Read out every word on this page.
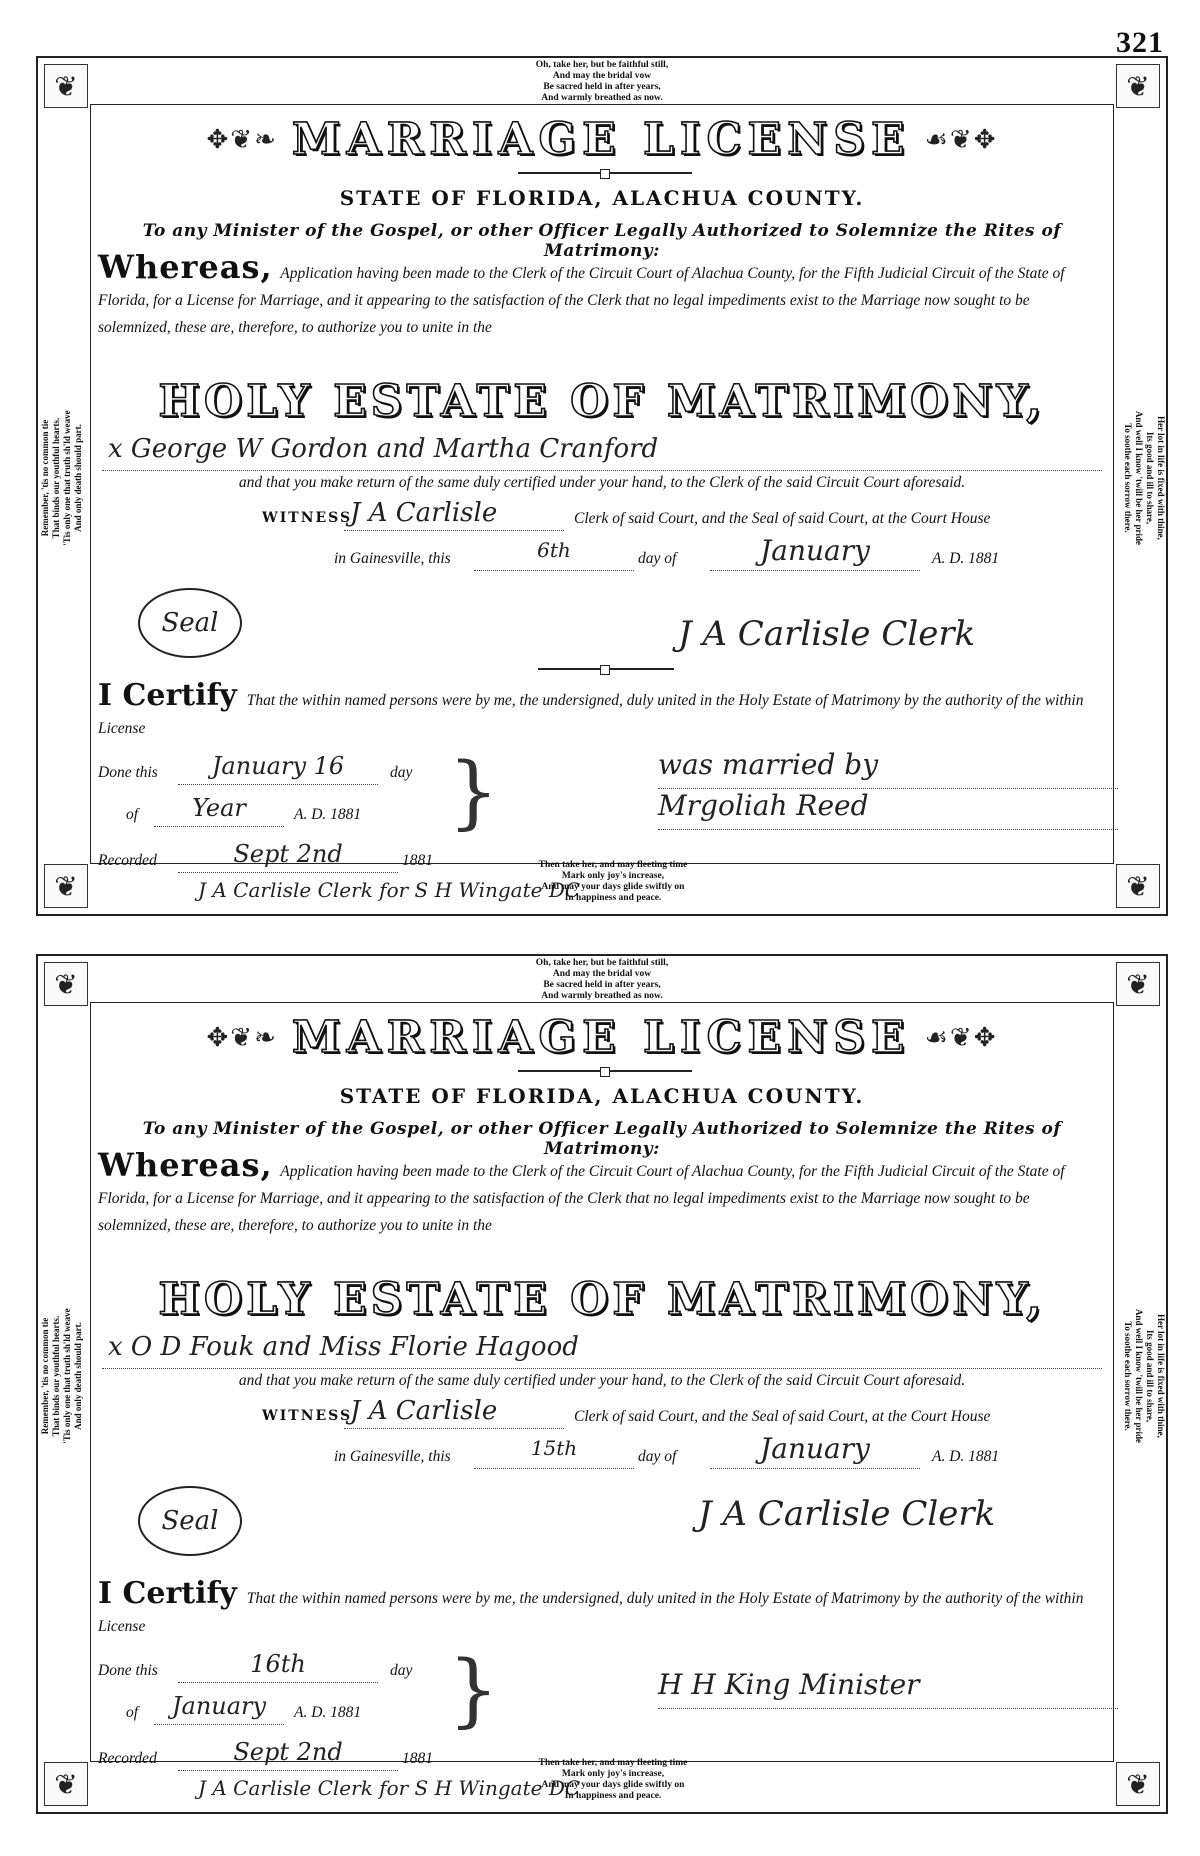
321
❦	❦
❦	❦
Oh, take her, but be faithful still,
And may the bridal vow
Be sacred held in after years,
And warmly breathed as now.
Remember, 'tis no common tie That binds our youthful hearts. 'Tis only one that truth sh'ld weave And only death should part.	Her lot in life is fixed with thine,
Its good and ill to share,
And well I know 'twill be her pride
To soothe each sorrow there.
✥❦❧ MARRIAGE LICENSE ☙❦✥
STATE OF FLORIDA, ALACHUA COUNTY.
To any Minister of the Gospel, or other Officer Legally Authorized to Solemnize the Rites of Matrimony:
Whereas, Application having been made to the Clerk of the Circuit Court of Alachua County, for the Fifth Judicial Circuit of the State of Florida, for a License for Marriage, and it appearing to the satisfaction of the Clerk that no legal impediments exist to the Marriage now sought to be solemnized, these are, therefore, to authorize you to unite in the
HOLY ESTATE OF MATRIMONY,
x George W Gordon and Martha Cranford
and that you make return of the same duly certified under your hand, to the Clerk of the said Circuit Court aforesaid.
WITNESS,
J A Carlisle	Clerk of said Court, and the Seal of said Court, at the Court House
in Gainesville, this	6th	day of	January	A. D. 1881
Seal	J A Carlisle Clerk
I Certify That the within named persons were by me, the undersigned, duly united in the Holy Estate of Matrimony by the authority of the within License
Done this	January 16	day
of	Year	A. D. 1881 }
Recorded	Sept 2nd	1881
J A Carlisle Clerk for S H Wingate DC
was married by
Mrgoliah Reed
Then take her, and may fleeting time
Mark only joy's increase,
And may your days glide swiftly on
In happiness and peace.
❦	❦
❦	❦
Oh, take her, but be faithful still,
And may the bridal vow
Be sacred held in after years,
And warmly breathed as now.
Remember, 'tis no common tie That binds our youthful hearts. 'Tis only one that truth sh'ld weave And only death should part.	Her lot in life is fixed with thine,
Its good and ill to share,
And well I know 'twill be her pride
To soothe each sorrow there.
✥❦❧ MARRIAGE LICENSE ☙❦✥
STATE OF FLORIDA, ALACHUA COUNTY.
To any Minister of the Gospel, or other Officer Legally Authorized to Solemnize the Rites of Matrimony:
Whereas, Application having been made to the Clerk of the Circuit Court of Alachua County, for the Fifth Judicial Circuit of the State of Florida, for a License for Marriage, and it appearing to the satisfaction of the Clerk that no legal impediments exist to the Marriage now sought to be solemnized, these are, therefore, to authorize you to unite in the
HOLY ESTATE OF MATRIMONY,
x O D Fouk and Miss Florie Hagood
and that you make return of the same duly certified under your hand, to the Clerk of the said Circuit Court aforesaid.
WITNESS,
J A Carlisle	Clerk of said Court, and the Seal of said Court, at the Court House
in Gainesville, this	15th	day of	January	A. D. 1881
Seal	J A Carlisle Clerk
I Certify That the within named persons were by me, the undersigned, duly united in the Holy Estate of Matrimony by the authority of the within License
Done this	16th	day
of	January	A. D. 1881 }
Recorded	Sept 2nd	1881
J A Carlisle Clerk for S H Wingate DC
H H King Minister
Then take her, and may fleeting time
Mark only joy's increase,
And may your days glide swiftly on
In happiness and peace.
